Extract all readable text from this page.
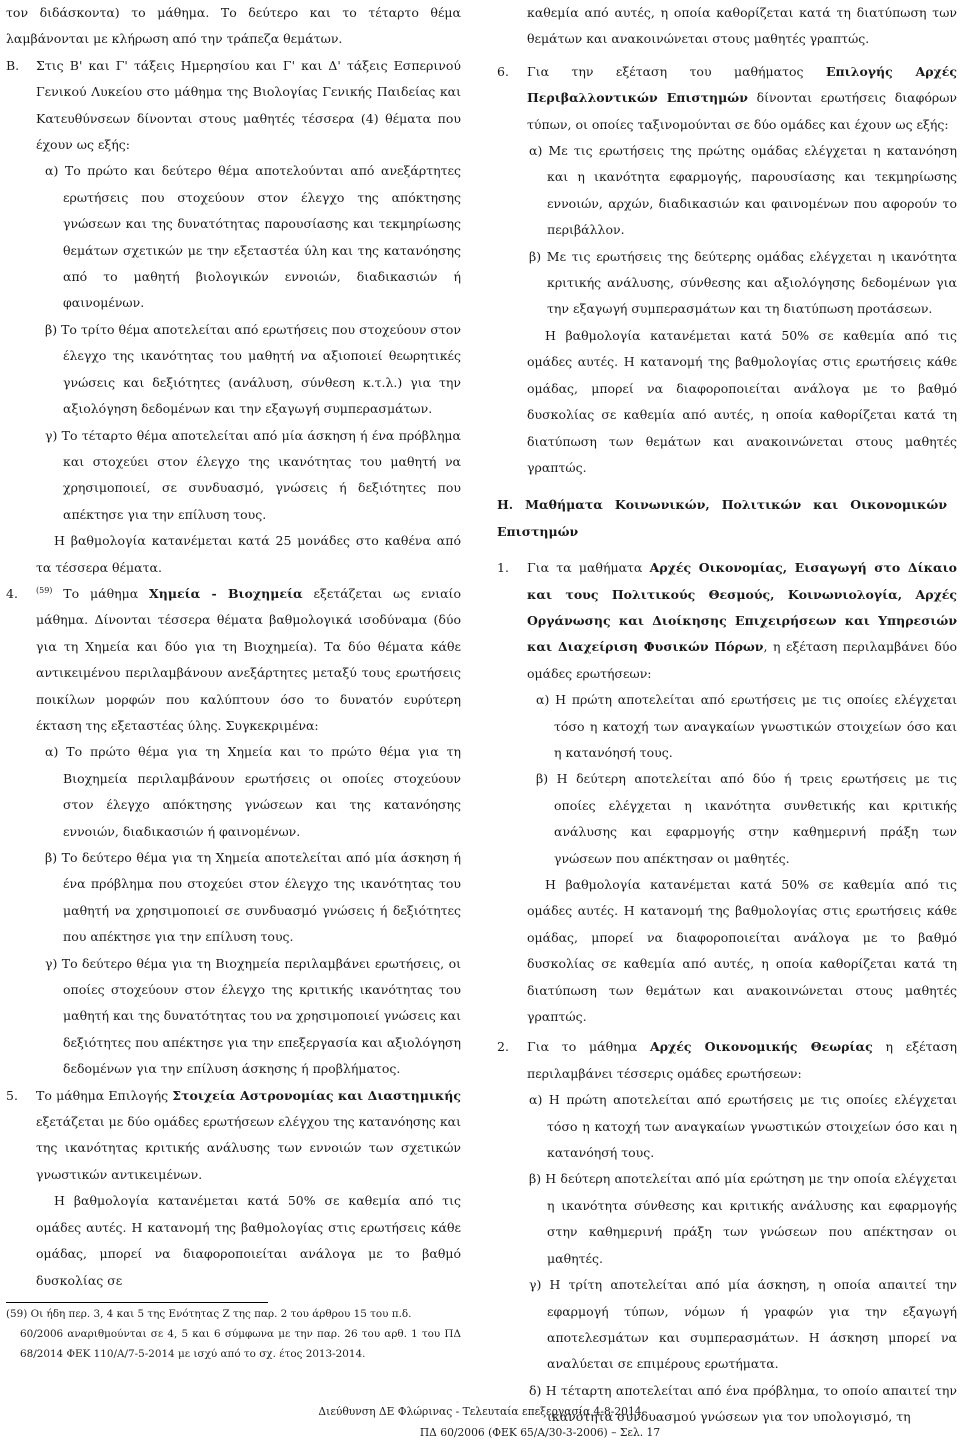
τον διδάσκοντα) το μάθημα. Το δεύτερο και το τέταρτο θέμα λαμβάνονται με κλήρωση από την τράπεζα θεμάτων.

Β. Στις Β' και Γ' τάξεις Ημερησίου και Γ' και Δ' τάξεις Εσπερινού Γενικού Λυκείου στο μάθημα της Βιολογίας Γενικής Παιδείας και Κατευθύνσεων δίνονται στους μαθητές τέσσερα (4) θέματα που έχουν ως εξής:

α) Το πρώτο και δεύτερο θέμα αποτελούνται από ανεξάρτητες ερωτήσεις που στοχεύουν στον έλεγχο της απόκτησης γνώσεων και της δυνατότητας παρουσίασης και τεκμηρίωσης θεμάτων σχετικών με την εξεταστέα ύλη και της κατανόησης από το μαθητή βιολογικών εννοιών, διαδικασιών ή φαινομένων.

β) Το τρίτο θέμα αποτελείται από ερωτήσεις που στοχεύουν στον έλεγχο της ικανότητας του μαθητή να αξιοποιεί θεωρητικές γνώσεις και δεξιότητες (ανάλυση, σύνθεση κ.τ.λ.) για την αξιολόγηση δεδομένων και την εξαγωγή συμπερασμάτων.

γ) Το τέταρτο θέμα αποτελείται από μία άσκηση ή ένα πρόβλημα και στοχεύει στον έλεγχο της ικανότητας του μαθητή να χρησιμοποιεί, σε συνδυασμό, γνώσεις ή δεξιότητες που απέκτησε για την επίλυση τους.

Η βαθμολογία κατανέμεται κατά 25 μονάδες στο καθένα από τα τέσσερα θέματα.

4. $^{(59)}$ Το μάθημα Χημεία - Βιοχημεία εξετάζεται ως ενιαίο μάθημα. Δίνονται τέσσερα θέματα βαθμολογικά ισοδύναμα (δύο για τη Χημεία και δύο για τη Βιοχημεία). Τα δύο θέματα κάθε αντικειμένου περιλαμβάνουν ανεξάρτητες μεταξύ τους ερωτήσεις ποικίλων μορφών που καλύπτουν όσο το δυνατόν ευρύτερη έκταση της εξεταστέας ύλης. Συγκεκριμένα:

α) Το πρώτο θέμα για τη Χημεία και το πρώτο θέμα για τη Βιοχημεία περιλαμβάνουν ερωτήσεις οι οποίες στοχεύουν στον έλεγχο απόκτησης γνώσεων και της κατανόησης εννοιών, διαδικασιών ή φαινομένων.

β) Το δεύτερο θέμα για τη Χημεία αποτελείται από μία άσκηση ή ένα πρόβλημα που στοχεύει στον έλεγχο της ικανότητας του μαθητή να χρησιμοποιεί σε συνδυασμό γνώσεις ή δεξιότητες που απέκτησε για την επίλυση τους.

γ) Το δεύτερο θέμα για τη Βιοχημεία περιλαμβάνει ερωτήσεις, οι οποίες στοχεύουν στον έλεγχο της κριτικής ικανότητας του μαθητή και της δυνατότητας του να χρησιμοποιεί γνώσεις και δεξιότητες που απέκτησε για την επεξεργασία και αξιολόγηση δεδομένων για την επίλυση άσκησης ή προβλήματος.

5. Το μάθημα Επιλογής Στοιχεία Αστρονομίας και Διαστημικής εξετάζεται με δύο ομάδες ερωτήσεων ελέγχου της κατανόησης και της ικανότητας κριτικής ανάλυσης των εννοιών των σχετικών γνωστικών αντικειμένων.

Η βαθμολογία κατανέμεται κατά 50% σε καθεμία από τις ομάδες αυτές. Η κατανομή της βαθμολογίας στις ερωτήσεις κάθε ομάδας, μπορεί να διαφοροποιείται ανάλογα με το βαθμό δυσκολίας σε

(59) Οι ήδη περ. 3, 4 και 5 της Ενότητας Ζ της παρ. 2 του άρθρου 15 του π.δ.

60/2006 αναριθμούνται σε 4, 5 και 6 σύμφωνα με την παρ. 26 του αρθ. 1 του ΠΔ 68/2014 ΦΕΚ 110/Α/7-5-2014 με ισχύ από το σχ. έτος 2013-2014.

καθεμία από αυτές, η οποία καθορίζεται κατά τη διατύπωση των θεμάτων και ανακοινώνεται στους μαθητές γραπτώς.

6. Για την εξέταση του μαθήματος Επιλογής Αρχές Περιβαλλοντικών Επιστημών δίνονται ερωτήσεις διαφόρων τύπων, οι οποίες ταξινομούνται σε δύο ομάδες και έχουν ως εξής:

α) Με τις ερωτήσεις της πρώτης ομάδας ελέγχεται η κατανόηση και η ικανότητα εφαρμογής, παρουσίασης και τεκμηρίωσης εννοιών, αρχών, διαδικασιών και φαινομένων που αφορούν το περιβάλλον.

β) Με τις ερωτήσεις της δεύτερης ομάδας ελέγχεται η ικανότητα κριτικής ανάλυσης, σύνθεσης και αξιολόγησης δεδομένων για την εξαγωγή συμπερασμάτων και τη διατύπωση προτάσεων.

Η βαθμολογία κατανέμεται κατά 50% σε καθεμία από τις ομάδες αυτές. Η κατανομή της βαθμολογίας στις ερωτήσεις κάθε ομάδας, μπορεί να διαφοροποιείται ανάλογα με το βαθμό δυσκολίας σε καθεμία από αυτές, η οποία καθορίζεται κατά τη διατύπωση των θεμάτων και ανακοινώνεται στους μαθητές γραπτώς.

Η. Μαθήματα Κοινωνικών, Πολιτικών και Οικονομικών Επιστημών

1. Για τα μαθήματα Αρχές Οικονομίας, Εισαγωγή στο Δίκαιο και τους Πολιτικούς Θεσμούς, Κοινωνιολογία, Αρχές Οργάνωσης και Διοίκησης Επιχειρήσεων και Υπηρεσιών και Διαχείριση Φυσικών Πόρων, η εξέταση περιλαμβάνει δύο ομάδες ερωτήσεων:

α) Η πρώτη αποτελείται από ερωτήσεις με τις οποίες ελέγχεται τόσο η κατοχή των αναγκαίων γνωστικών στοιχείων όσο και η κατανόησή τους.

β) Η δεύτερη αποτελείται από δύο ή τρεις ερωτήσεις με τις οποίες ελέγχεται η ικανότητα συνθετικής και κριτικής ανάλυσης και εφαρμογής στην καθημερινή πράξη των γνώσεων που απέκτησαν οι μαθητές.

Η βαθμολογία κατανέμεται κατά 50% σε καθεμία από τις ομάδες αυτές. Η κατανομή της βαθμολογίας στις ερωτήσεις κάθε ομάδας, μπορεί να διαφοροποιείται ανάλογα με το βαθμό δυσκολίας σε καθεμία από αυτές, η οποία καθορίζεται κατά τη διατύπωση των θεμάτων και ανακοινώνεται στους μαθητές γραπτώς.

2. Για το μάθημα Αρχές Οικονομικής Θεωρίας η εξέταση περιλαμβάνει τέσσερις ομάδες ερωτήσεων:

α) Η πρώτη αποτελείται από ερωτήσεις με τις οποίες ελέγχεται τόσο η κατοχή των αναγκαίων γνωστικών στοιχείων όσο και η κατανόησή τους.

β) Η δεύτερη αποτελείται από μία ερώτηση με την οποία ελέγχεται η ικανότητα σύνθεσης και κριτικής ανάλυσης και εφαρμογής στην καθημερινή πράξη των γνώσεων που απέκτησαν οι μαθητές.

γ) Η τρίτη αποτελείται από μία άσκηση, η οποία απαιτεί την εφαρμογή τύπων, νόμων ή γραφών για την εξαγωγή αποτελεσμάτων και συμπερασμάτων. Η άσκηση μπορεί να αναλύεται σε επιμέρους ερωτήματα.

δ) Η τέταρτη αποτελείται από ένα πρόβλημα, το οποίο απαιτεί την ικανότητα συνδυασμού γνώσεων για τον υπολογισμό, τη

Διεύθυνση ΔΕ Φλώρινας - Τελευταία επεξεργασία 4-8-2014
ΠΔ 60/2006 (ΦΕΚ 65/Α/30-3-2006) – Σελ. 17
